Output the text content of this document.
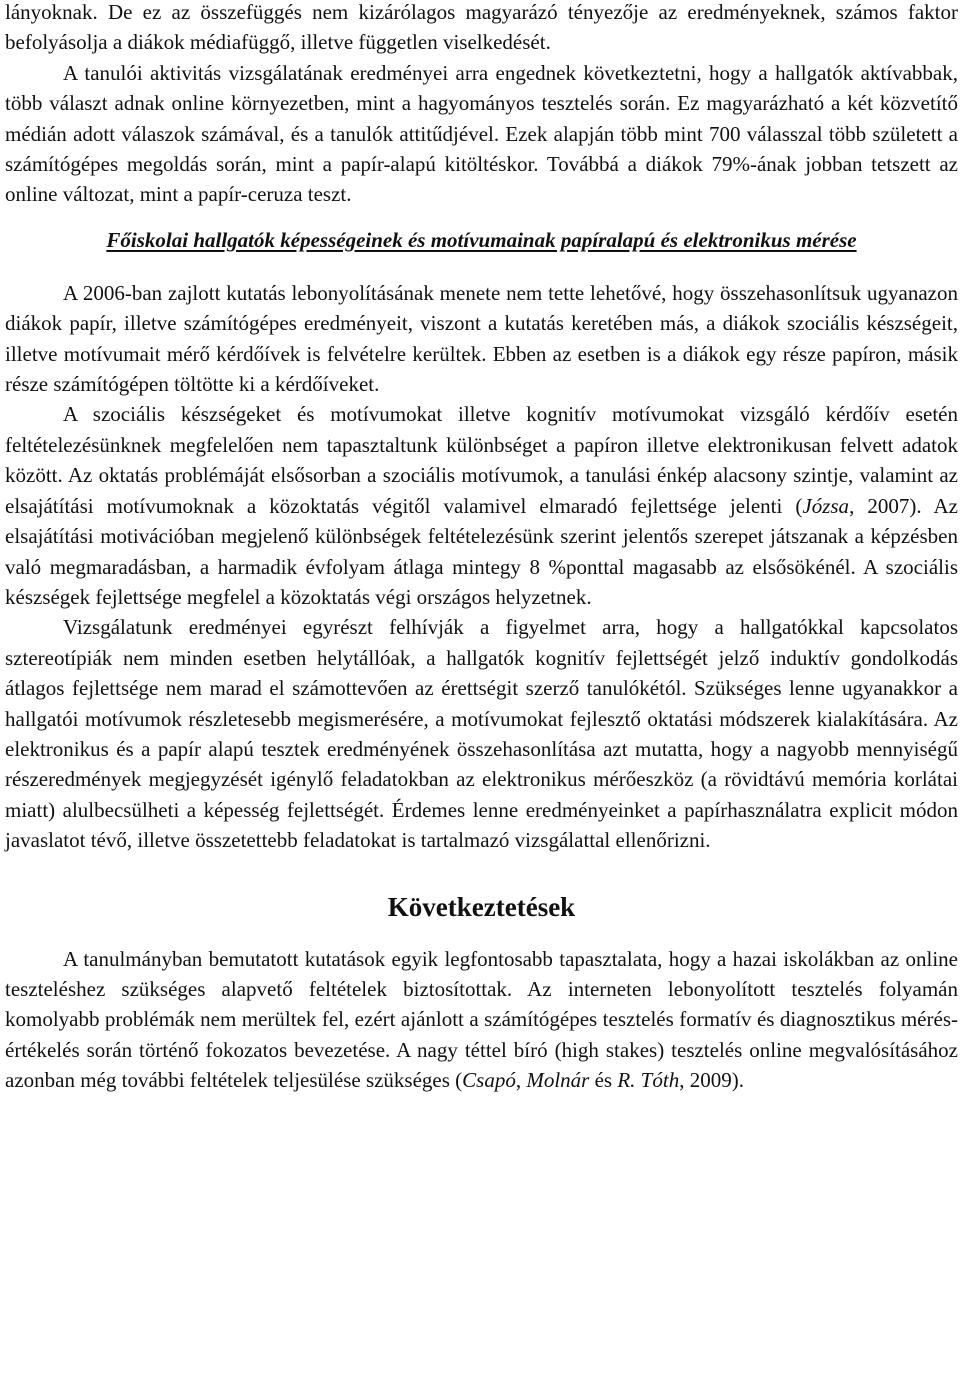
lányoknak. De ez az összefüggés nem kizárólagos magyarázó tényezője az eredményeknek, számos faktor befolyásolja a diákok médiafüggő, illetve független viselkedését.

A tanulói aktivitás vizsgálatának eredményei arra engednek következtetni, hogy a hallgatók aktívabbak, több választ adnak online környezetben, mint a hagyományos tesztelés során. Ez magyarázható a két közvetítő médián adott válaszok számával, és a tanulók attitűdjével. Ezek alapján több mint 700 válasszal több született a számítógépes megoldás során, mint a papír-alapú kitöltéskor. Továbbá a diákok 79%-ának jobban tetszett az online változat, mint a papír-ceruza teszt.

Főiskolai hallgatók képességeinek és motívumainak papíralapú és elektronikus mérése

A 2006-ban zajlott kutatás lebonyolításának menete nem tette lehetővé, hogy összehasonlítsuk ugyanazon diákok papír, illetve számítógépes eredményeit, viszont a kutatás keretében más, a diákok szociális készségeit, illetve motívumait mérő kérdőívek is felvételre kerültek. Ebben az esetben is a diákok egy része papíron, másik része számítógépen töltötte ki a kérdőíveket.

A szociális készségeket és motívumokat illetve kognitív motívumokat vizsgáló kérdőív esetén feltételezésünknek megfelelően nem tapasztaltunk különbséget a papíron illetve elektronikusan felvett adatok között. Az oktatás problémáját elsősorban a szociális motívumok, a tanulási énkép alacsony szintje, valamint az elsajátítási motívumoknak a közoktatás végitől valamivel elmaradó fejlettsége jelenti (Józsa, 2007). Az elsajátítási motivációban megjelenő különbségek feltételezésünk szerint jelentős szerepet játszanak a képzésben való megmaradásban, a harmadik évfolyam átlaga mintegy 8 %ponttal magasabb az elsősökénél. A szociális készségek fejlettsége megfelel a közoktatás végi országos helyzetnek.

Vizsgálatunk eredményei egyrészt felhívják a figyelmet arra, hogy a hallgatókkal kapcsolatos sztereotípiák nem minden esetben helytállóak, a hallgatók kognitív fejlettségét jelző induktív gondolkodás átlagos fejlettsége nem marad el számottevően az érettségit szerző tanulókétól. Szükséges lenne ugyanakkor a hallgatói motívumok részletesebb megismerésére, a motívumokat fejlesztő oktatási módszerek kialakítására. Az elektronikus és a papír alapú tesztek eredményének összehasonlítása azt mutatta, hogy a nagyobb mennyiségű részeredmények megjegyzését igénylő feladatokban az elektronikus mérőeszköz (a rövidtávú memória korlátai miatt) alulbecsülheti a képesség fejlettségét. Érdemes lenne eredményeinket a papírhasználatra explicit módon javaslatot tévő, illetve összetettebb feladatokat is tartalmazó vizsgálattal ellenőrizni.

Következtetések

A tanulmányban bemutatott kutatások egyik legfontosabb tapasztalata, hogy a hazai iskolákban az online teszteléshez szükséges alapvető feltételek biztosítottak. Az interneten lebonyolított tesztelés folyamán komolyabb problémák nem merültek fel, ezért ajánlott a számítógépes tesztelés formatív és diagnosztikus mérés-értékelés során történő fokozatos bevezetése. A nagy téttel bíró (high stakes) tesztelés online megvalósításához azonban még további feltételek teljesülése szükséges (Csapó, Molnár és R. Tóth, 2009).
